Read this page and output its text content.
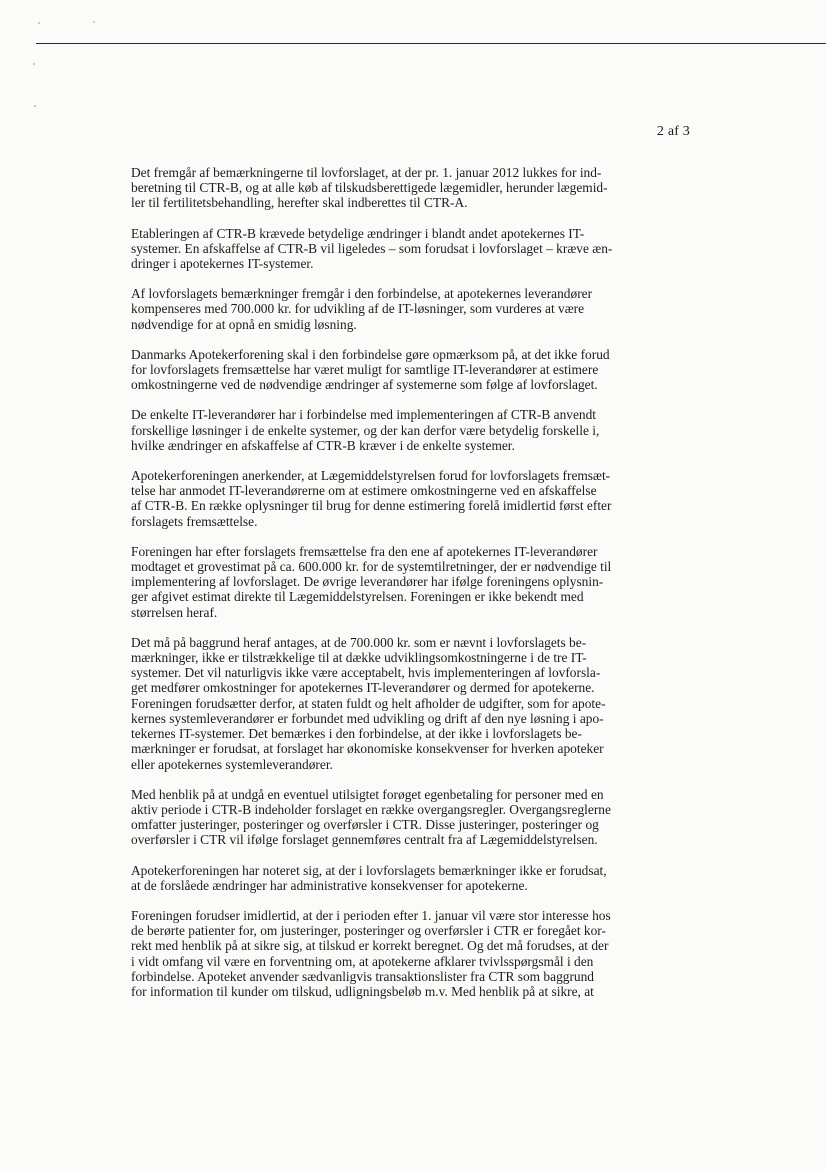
2 af 3

Det fremgår af bemærkningerne til lovforslaget, at der pr. 1. januar 2012 lukkes for ind-
beretning til CTR-B, og at alle køb af tilskudsberettigede lægemidler, herunder lægemid-
ler til fertilitetsbehandling, herefter skal indberettes til CTR-A.

Etableringen af CTR-B krævede betydelige ændringer i blandt andet apotekernes IT-
systemer. En afskaffelse af CTR-B vil ligeledes – som forudsat i lovforslaget – kræve æn-
dringer i apotekernes IT-systemer.

Af lovforslagets bemærkninger fremgår i den forbindelse, at apotekernes leverandører
kompenseres med 700.000 kr. for udvikling af de IT-løsninger, som vurderes at være
nødvendige for at opnå en smidig løsning.

Danmarks Apotekerforening skal i den forbindelse gøre opmærksom på, at det ikke forud
for lovforslagets fremsættelse har været muligt for samtlige IT-leverandører at estimere
omkostningerne ved de nødvendige ændringer af systemerne som følge af lovforslaget.

De enkelte IT-leverandører har i forbindelse med implementeringen af CTR-B anvendt
forskellige løsninger i de enkelte systemer, og der kan derfor være betydelig forskelle i,
hvilke ændringer en afskaffelse af CTR-B kræver i de enkelte systemer.

Apotekerforeningen anerkender, at Lægemiddelstyrelsen forud for lovforslagets fremsæt-
telse har anmodet IT-leverandørerne om at estimere omkostningerne ved en afskaffelse
af CTR-B. En række oplysninger til brug for denne estimering forelå imidlertid først efter
forslagets fremsættelse.

Foreningen har efter forslagets fremsættelse fra den ene af apotekernes IT-leverandører
modtaget et grovestimat på ca. 600.000 kr. for de systemtilretninger, der er nødvendige til
implementering af lovforslaget. De øvrige leverandører har ifølge foreningens oplysnin-
ger afgivet estimat direkte til Lægemiddelstyrelsen. Foreningen er ikke bekendt med
størrelsen heraf.

Det må på baggrund heraf antages, at de 700.000 kr. som er nævnt i lovforslagets be-
mærkninger, ikke er tilstrækkelige til at dække udviklingsomkostningerne i de tre IT-
systemer. Det vil naturligvis ikke være acceptabelt, hvis implementeringen af lovforsla-
get medfører omkostninger for apotekernes IT-leverandører og dermed for apotekerne.
Foreningen forudsætter derfor, at staten fuldt og helt afholder de udgifter, som for apote-
kernes systemleverandører er forbundet med udvikling og drift af den nye løsning i apo-
tekernes IT-systemer. Det bemærkes i den forbindelse, at der ikke i lovforslagets be-
mærkninger er forudsat, at forslaget har økonomiske konsekvenser for hverken apoteker
eller apotekernes systemleverandører.

Med henblik på at undgå en eventuel utilsigtet forøget egenbetaling for personer med en
aktiv periode i CTR-B indeholder forslaget en række overgangsregler. Overgangsreglerne
omfatter justeringer, posteringer og overførsler i CTR. Disse justeringer, posteringer og
overførsler i CTR vil ifølge forslaget gennemføres centralt fra af Lægemiddelstyrelsen.

Apotekerforeningen har noteret sig, at der i lovforslagets bemærkninger ikke er forudsat,
at de forslåede ændringer har administrative konsekvenser for apotekerne.

Foreningen forudser imidlertid, at der i perioden efter 1. januar vil være stor interesse hos
de berørte patienter for, om justeringer, posteringer og overførsler i CTR er foregået kor-
rekt med henblik på at sikre sig, at tilskud er korrekt beregnet. Og det må forudses, at der
i vidt omfang vil være en forventning om, at apotekerne afklarer tvivlsspørgsmål i den
forbindelse. Apoteket anvender sædvanligvis transaktionslister fra CTR som baggrund
for information til kunder om tilskud, udligningsbeløb m.v. Med henblik på at sikre, at
